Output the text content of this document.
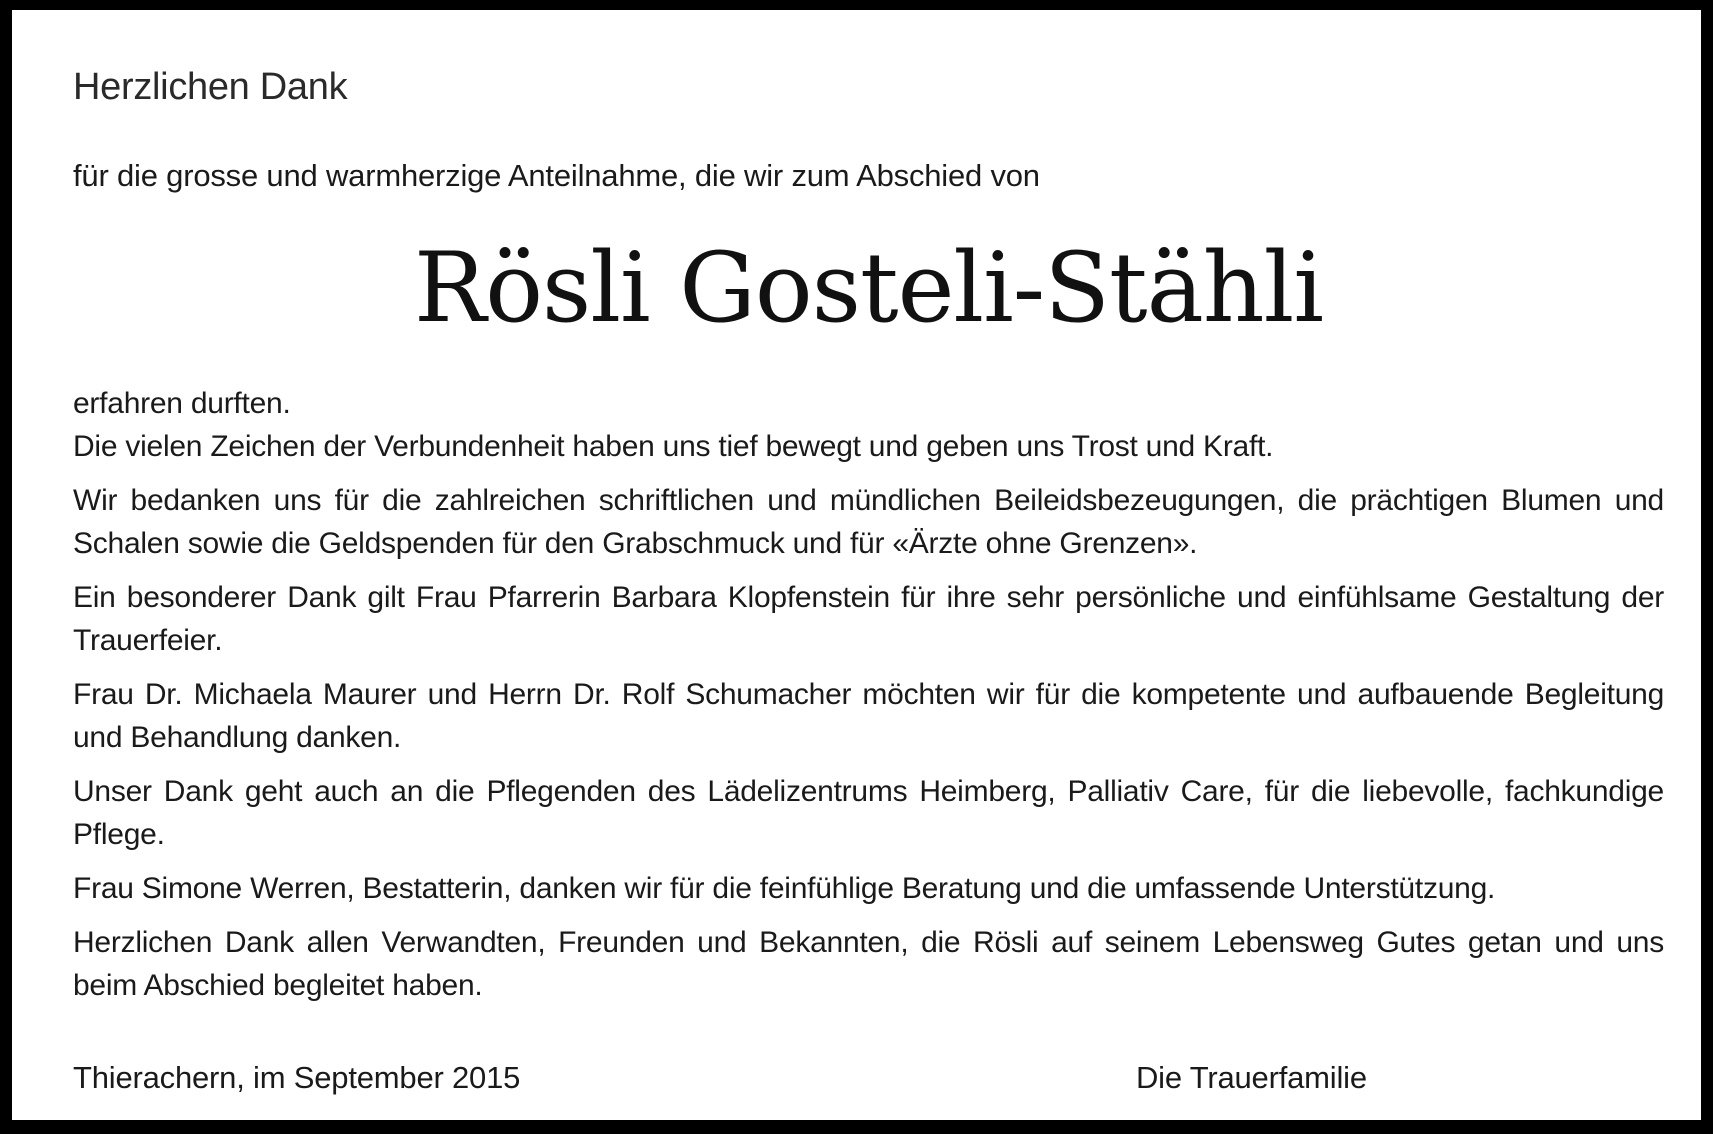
Herzlichen Dank
für die grosse und warmherzige Anteilnahme, die wir zum Abschied von
Rösli Gosteli-Stähli

erfahren durften.

Die vielen Zeichen der Verbundenheit haben uns tief bewegt und geben uns Trost und Kraft.

Wir bedanken uns für die zahlreichen schriftlichen und mündlichen Beileidsbezeugungen, die prächtigen Blumen und Schalen sowie die Geldspenden für den Grabschmuck und für «Ärzte ohne Grenzen».

Ein besonderer Dank gilt Frau Pfarrerin Barbara Klopfenstein für ihre sehr persönliche und einfühlsame Gestaltung der Trauerfeier.

Frau Dr. Michaela Maurer und Herrn Dr. Rolf Schumacher möchten wir für die kompetente und aufbauende Begleitung und Behandlung danken.

Unser Dank geht auch an die Pflegenden des Lädelizentrums Heimberg, Palliativ Care, für die liebevolle, fachkundige Pflege.

Frau Simone Werren, Bestatterin, danken wir für die feinfühlige Beratung und die umfassende Unterstützung.

Herzlichen Dank allen Verwandten, Freunden und Bekannten, die Rösli auf seinem Lebensweg Gutes getan und uns beim Abschied begleitet haben.

Thierachern, im September 2015	Die Trauerfamilie
